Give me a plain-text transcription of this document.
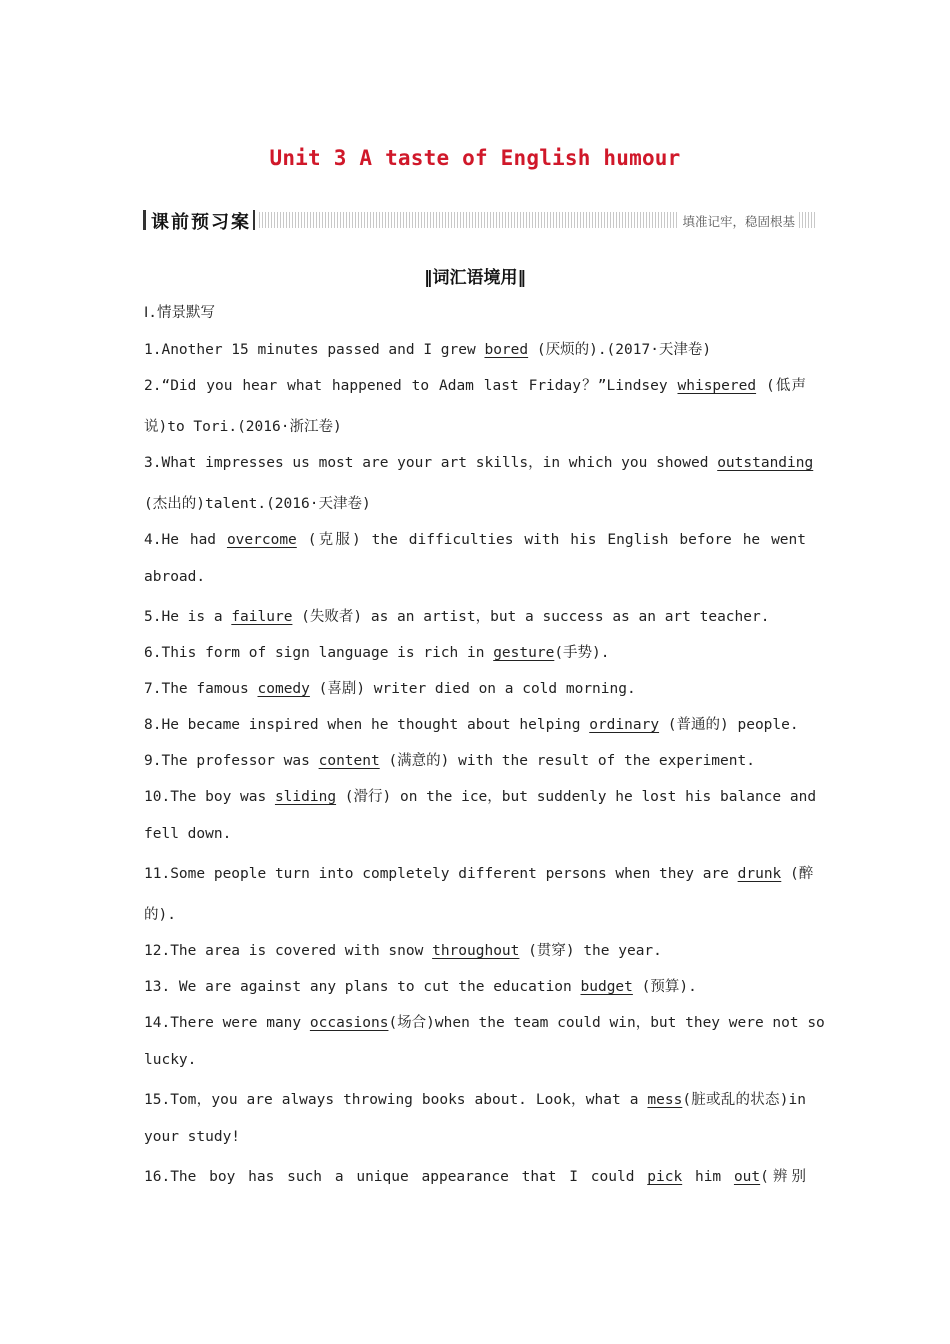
Unit 3 A taste of English humour
课前预习案	填准记牢，稳固根基
‖词汇语境用‖
Ⅰ.情景默写
1.Another 15 minutes passed and I grew bored (厌烦的).(2017·天津卷)
2.“Did you hear what happened to Adam last Friday？”Lindsey whispered (低声
说)to Tori.(2016·浙江卷)
3.What impresses us most are your art skills，in which you showed outstanding
(杰出的)talent.(2016·天津卷)
4.He had overcome (克服) the difficulties with his English before he went
abroad.
5.He is a failure (失败者) as an artist，but a success as an art teacher.
6.This form of sign language is rich in gesture(手势).
7.The famous comedy (喜剧) writer died on a cold morning.
8.He became inspired when he thought about helping ordinary (普通的) people.
9.The professor was content (满意的) with the result of the experiment.
10.The boy was sliding (滑行) on the ice，but suddenly he lost his balance and
fell down.
11.Some people turn into completely different persons when they are drunk (醉
的).
12.The area is covered with snow throughout (贯穿) the year.
13. We are against any plans to cut the education budget (预算).
14.There were many occasions(场合)when the team could win，but they were not so
lucky.
15.Tom，you are always throwing books about. Look，what a mess(脏或乱的状态)in
your study!
16.The boy has such a unique appearance that I could pick him out(辨别
